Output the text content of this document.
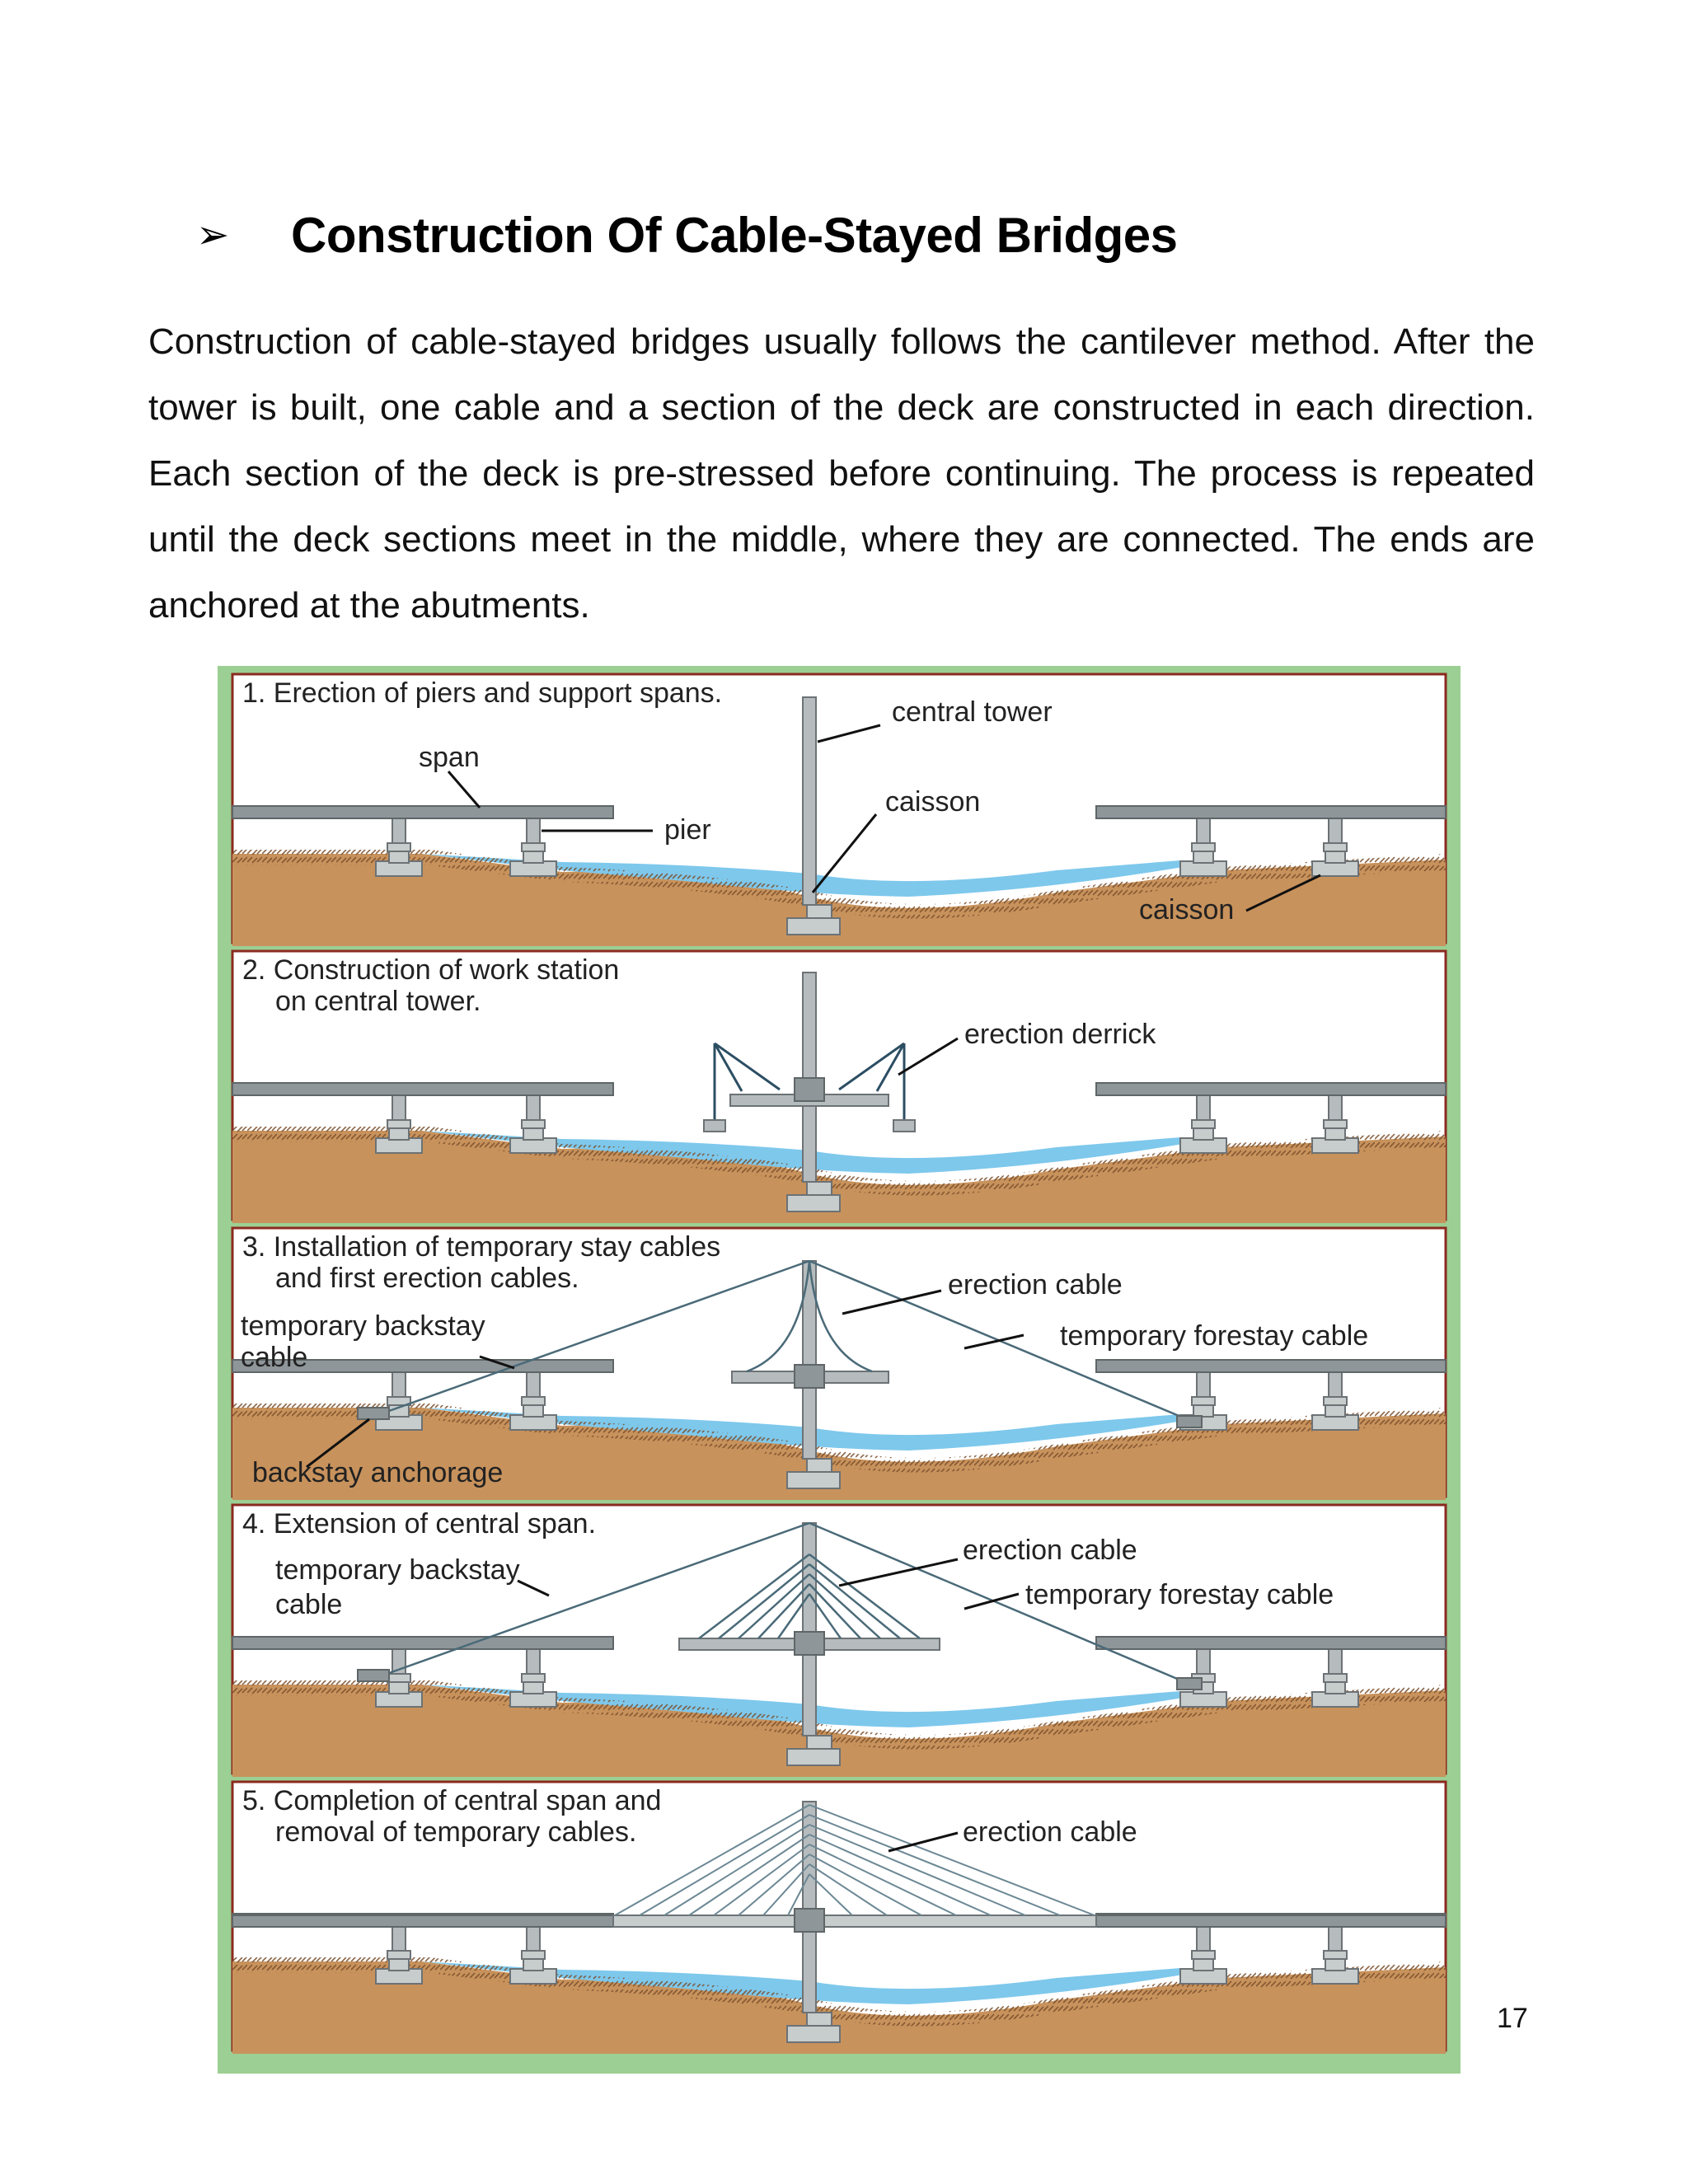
➢	Construction Of Cable-Stayed Bridges
Construction of cable-stayed bridges usually follows the cantilever method. After the tower is built, one cable and a section of the deck are constructed in each direction. Each section of the deck is pre-stressed before continuing. The process is repeated until the deck sections meet in the middle, where they are connected. The ends are anchored at the abutments.
1. Erection of piers and support spans.
central tower
span
caisson
pier
caisson
2. Construction of work station
on central tower.
erection derrick
3. Installation of temporary stay cables
and first erection cables.	erection cable
temporary backstay
cable
temporary forestay cable
backstay anchorage
4. Extension of central span.
erection cable
temporary backstay
cable	temporary forestay cable
5. Completion of central span and
removal of temporary cables.	erection cable
17
